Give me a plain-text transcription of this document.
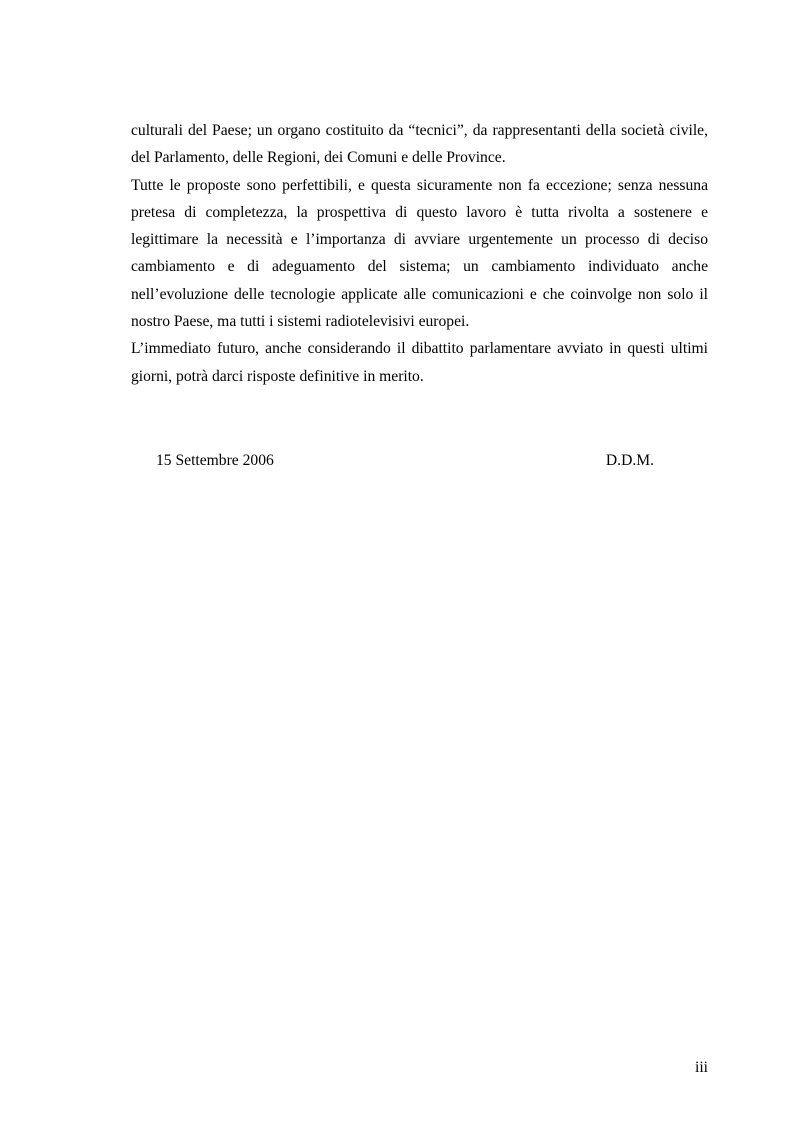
culturali del Paese; un organo costituito da “tecnici”, da rappresentanti della società civile, del Parlamento, delle Regioni, dei Comuni e delle Province.

Tutte le proposte sono perfettibili, e questa sicuramente non fa eccezione; senza nessuna pretesa di completezza, la prospettiva di questo lavoro è tutta rivolta a sostenere e legittimare la necessità e l’importanza di avviare urgentemente un processo di deciso cambiamento e di adeguamento del sistema; un cambiamento individuato anche nell’evoluzione delle tecnologie applicate alle comunicazioni e che coinvolge non solo il nostro Paese, ma tutti i sistemi radiotelevisivi europei.

L’immediato futuro, anche considerando il dibattito parlamentare avviato in questi ultimi giorni, potrà darci risposte definitive in merito.

15 Settembre 2006	D.D.M.
iii
